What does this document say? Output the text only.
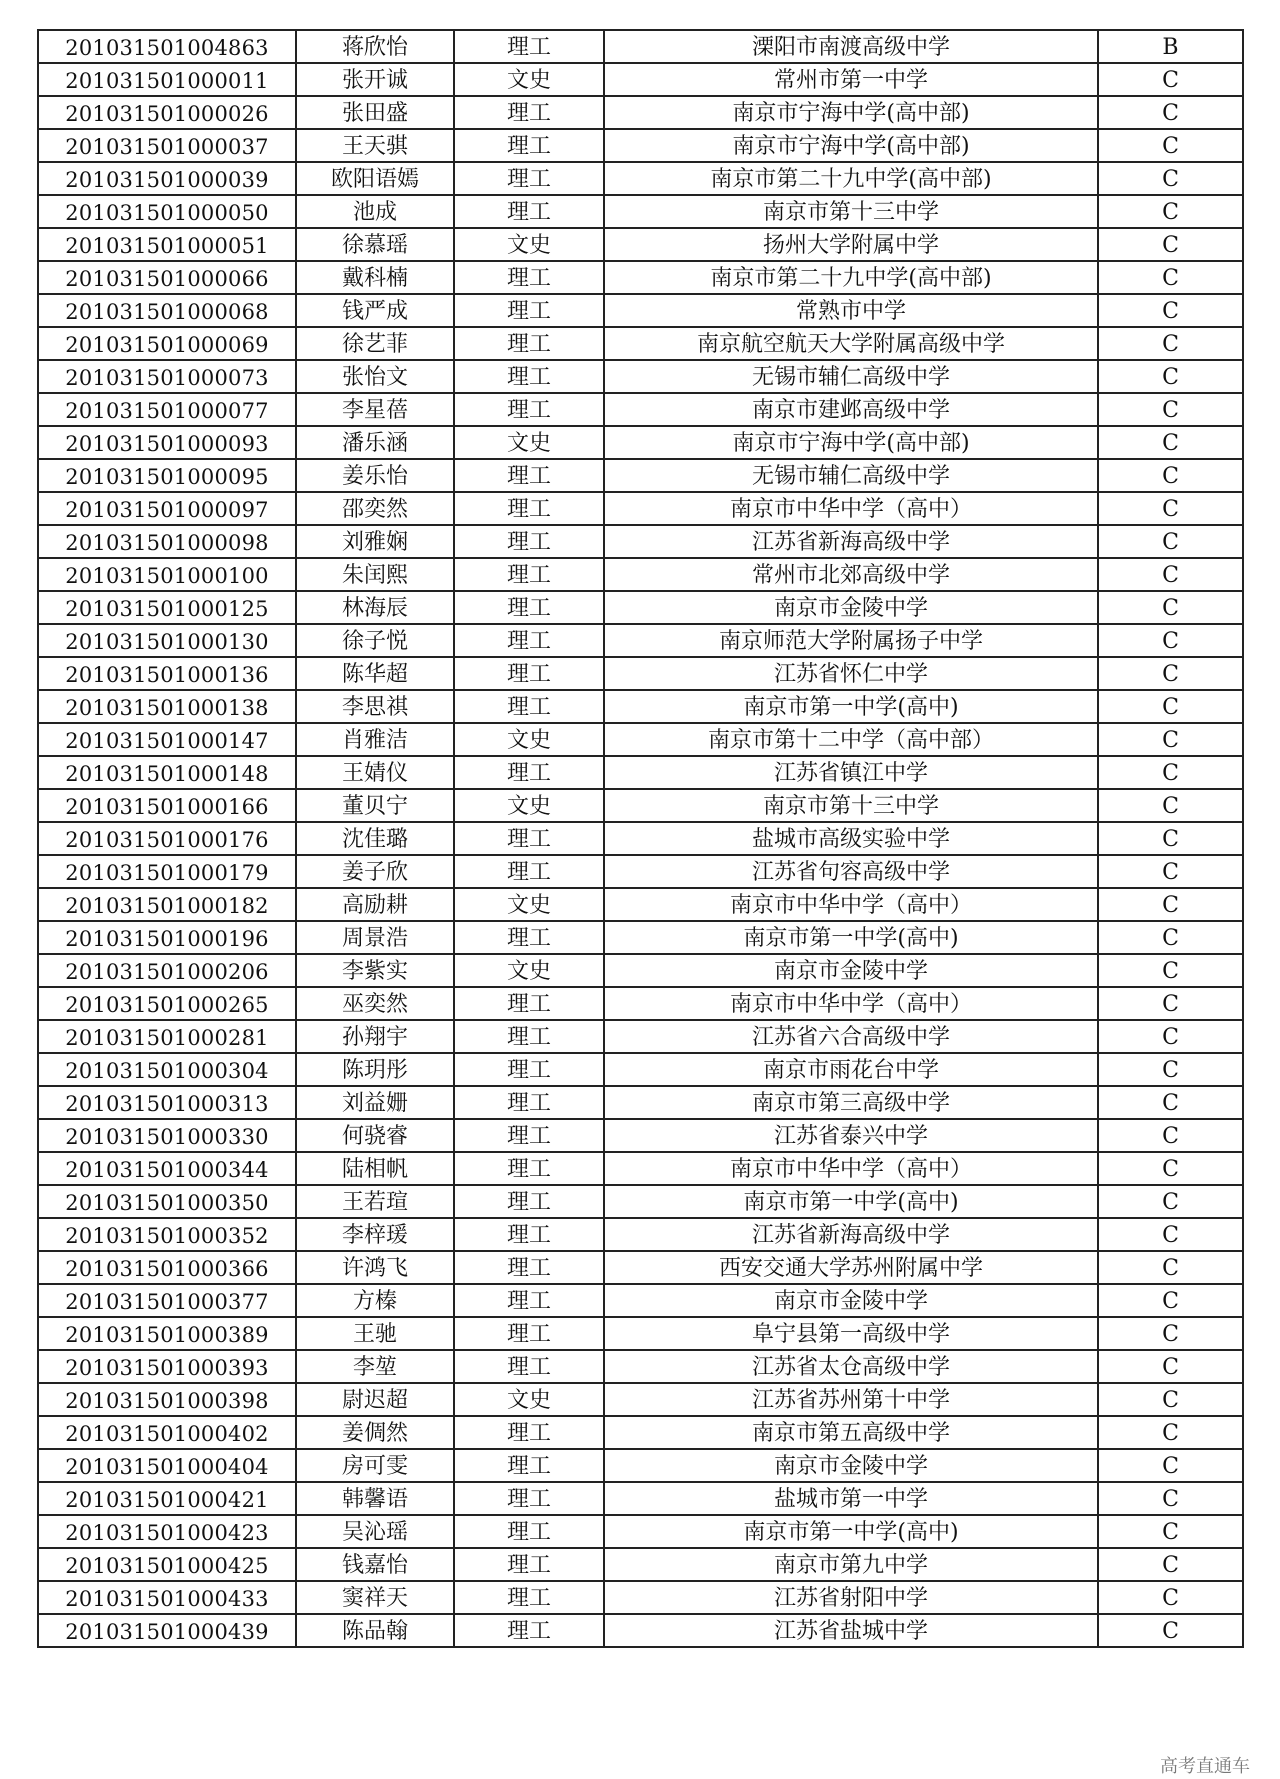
201031501004863	蒋欣怡	理工	溧阳市南渡高级中学	B
201031501000011	张开诚	文史	常州市第一中学	C
201031501000026	张田盛	理工	南京市宁海中学(高中部)	C
201031501000037	王天骐	理工	南京市宁海中学(高中部)	C
201031501000039	欧阳语嫣	理工	南京市第二十九中学(高中部)	C
201031501000050	池成	理工	南京市第十三中学	C
201031501000051	徐慕瑶	文史	扬州大学附属中学	C
201031501000066	戴科楠	理工	南京市第二十九中学(高中部)	C
201031501000068	钱严成	理工	常熟市中学	C
201031501000069	徐艺菲	理工	南京航空航天大学附属高级中学	C
201031501000073	张怡文	理工	无锡市辅仁高级中学	C
201031501000077	李星蓓	理工	南京市建邺高级中学	C
201031501000093	潘乐涵	文史	南京市宁海中学(高中部)	C
201031501000095	姜乐怡	理工	无锡市辅仁高级中学	C
201031501000097	邵奕然	理工	南京市中华中学（高中）	C
201031501000098	刘雅娴	理工	江苏省新海高级中学	C
201031501000100	朱闰熙	理工	常州市北郊高级中学	C
201031501000125	林海辰	理工	南京市金陵中学	C
201031501000130	徐子悦	理工	南京师范大学附属扬子中学	C
201031501000136	陈华超	理工	江苏省怀仁中学	C
201031501000138	李思祺	理工	南京市第一中学(高中)	C
201031501000147	肖雅洁	文史	南京市第十二中学（高中部）	C
201031501000148	王婧仪	理工	江苏省镇江中学	C
201031501000166	董贝宁	文史	南京市第十三中学	C
201031501000176	沈佳璐	理工	盐城市高级实验中学	C
201031501000179	姜子欣	理工	江苏省句容高级中学	C
201031501000182	高励耕	文史	南京市中华中学（高中）	C
201031501000196	周景浩	理工	南京市第一中学(高中)	C
201031501000206	李紫实	文史	南京市金陵中学	C
201031501000265	巫奕然	理工	南京市中华中学（高中）	C
201031501000281	孙翔宇	理工	江苏省六合高级中学	C
201031501000304	陈玥彤	理工	南京市雨花台中学	C
201031501000313	刘益姗	理工	南京市第三高级中学	C
201031501000330	何骁睿	理工	江苏省泰兴中学	C
201031501000344	陆相帆	理工	南京市中华中学（高中）	C
201031501000350	王若瑄	理工	南京市第一中学(高中)	C
201031501000352	李梓瑗	理工	江苏省新海高级中学	C
201031501000366	许鸿飞	理工	西安交通大学苏州附属中学	C
201031501000377	方榛	理工	南京市金陵中学	C
201031501000389	王驰	理工	阜宁县第一高级中学	C
201031501000393	李堃	理工	江苏省太仓高级中学	C
201031501000398	尉迟超	文史	江苏省苏州第十中学	C
201031501000402	姜倜然	理工	南京市第五高级中学	C
201031501000404	房可雯	理工	南京市金陵中学	C
201031501000421	韩馨语	理工	盐城市第一中学	C
201031501000423	吴沁瑶	理工	南京市第一中学(高中)	C
201031501000425	钱嘉怡	理工	南京市第九中学	C
201031501000433	窦祥天	理工	江苏省射阳中学	C
201031501000439	陈品翰	理工	江苏省盐城中学	C
高考直通车
